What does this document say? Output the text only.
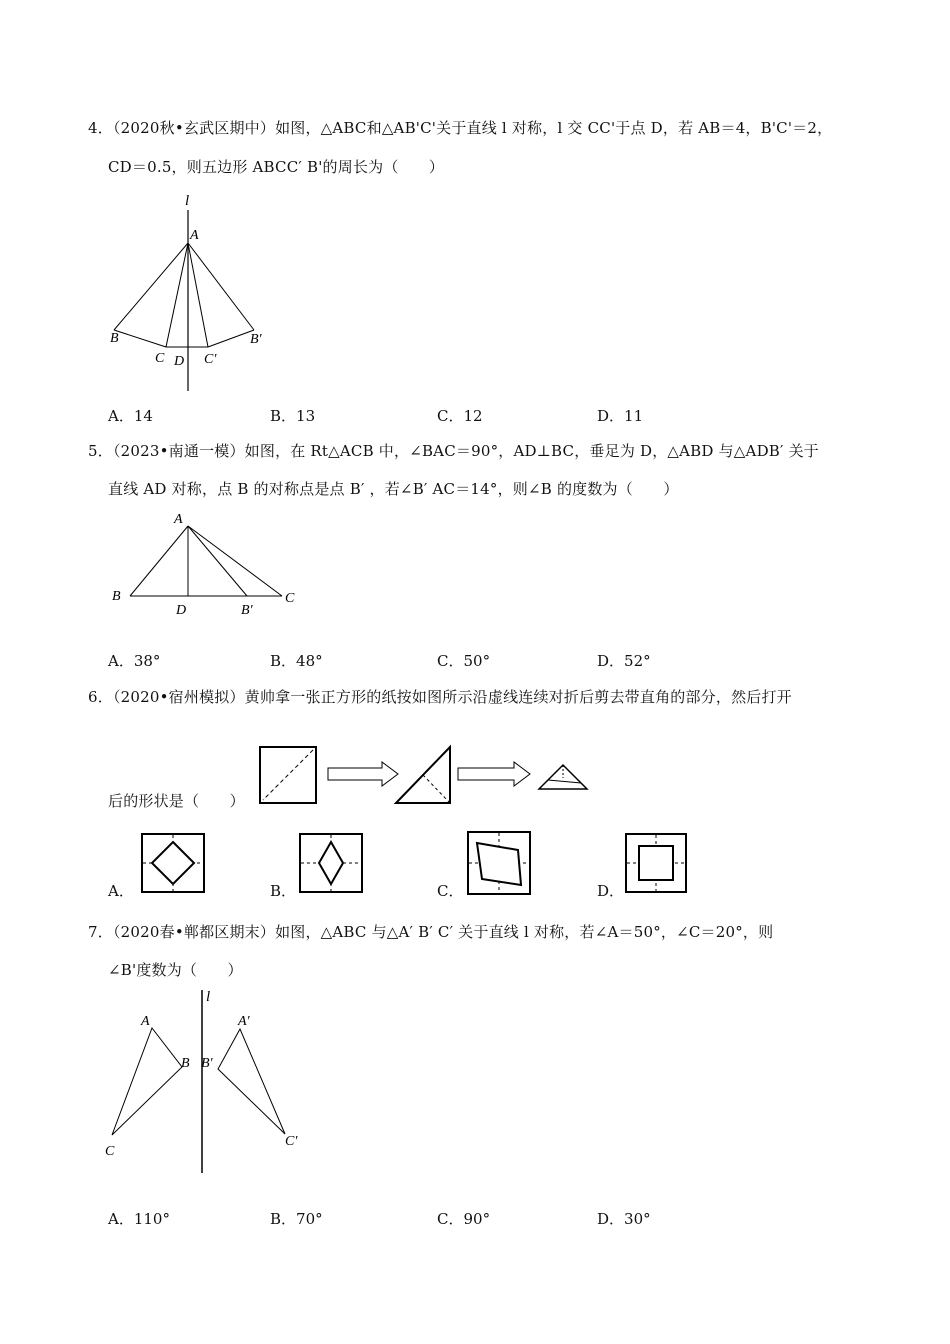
4．（2020秋•玄武区期中）如图，△ABC和△AB'C'关于直线 l 对称，l 交 CC'于点 D，若 AB＝4，B'C'＝2，
CD＝0.5，则五边形 ABCC′ B'的周长为（　　）
l
A
B
C D C′
B′
A．14	B．13	C．12	D．11
5．（2023•南通一模）如图，在 Rt△ACB 中，∠BAC＝90°，AD⊥BC，垂足为 D，△ABD 与△ADB′ 关于
直线 AD 对称，点 B 的对称点是点 B′ ，若∠B′ AC＝14°，则∠B 的度数为（　　）
A
B
D	B′
C
A．38°	B．48°	C．50°	D．52°
6．（2020•宿州模拟）黄帅拿一张正方形的纸按如图所示沿虚线连续对折后剪去带直角的部分，然后打开
后的形状是（　　）
A．	B．	C．	D．
7．（2020春•郸都区期末）如图，△ABC 与△A′ B′ C′ 关于直线 l 对称，若∠A＝50°，∠C＝20°，则
∠B'度数为（　　）
l
A
B
C
A′
B′
C′
A．110°	B．70°	C．90°	D．30°
